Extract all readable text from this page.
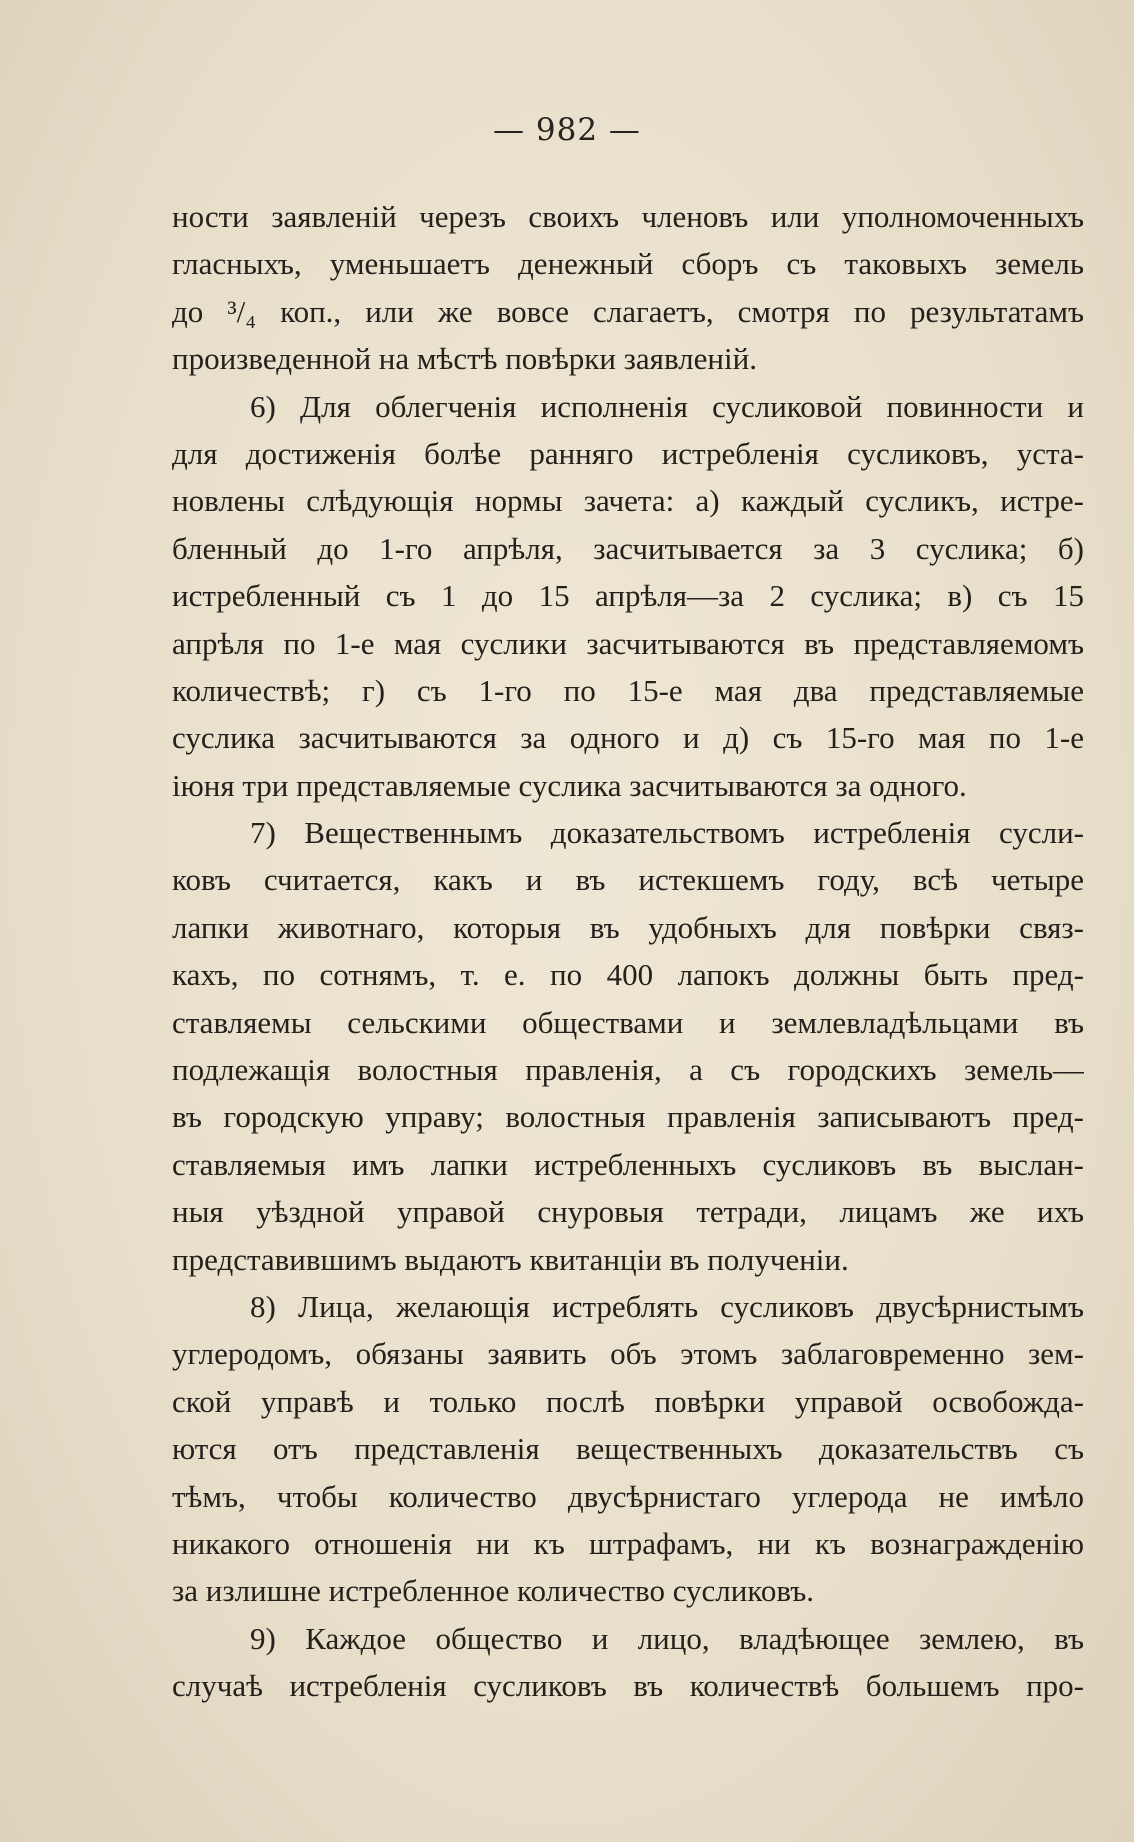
— 982 —
ности заявленій черезъ своихъ членовъ или уполномоченныхъ
гласныхъ, уменьшаетъ денежный сборъ съ таковыхъ земель
до ³/₄ коп., или же вовсе слагаетъ, смотря по результатамъ
произведенной на мѣстѣ повѣрки заявленій.
6) Для облегченія исполненія сусликовой повинности и
для достиженія болѣе ранняго истребленія сусликовъ, уста-
новлены слѣдующія нормы зачета: а) каждый сусликъ, истре-
бленный до 1-го апрѣля, засчитывается за 3 суслика; б)
истребленный съ 1 до 15 апрѣля—за 2 суслика; в) съ 15
апрѣля по 1-е мая суслики засчитываются въ представляемомъ
количествѣ; г) съ 1-го по 15-е мая два представляемые
суслика засчитываются за одного и д) съ 15-го мая по 1-е
іюня три представляемые суслика засчитываются за одного.
7) Вещественнымъ доказательствомъ истребленія сусли-
ковъ считается, какъ и въ истекшемъ году, всѣ четыре
лапки животнаго, которыя въ удобныхъ для повѣрки связ-
кахъ, по сотнямъ, т. е. по 400 лапокъ должны быть пред-
ставляемы сельскими обществами и землевладѣльцами въ
подлежащія волостныя правленія, а съ городскихъ земель—
въ городскую управу; волостныя правленія записываютъ пред-
ставляемыя имъ лапки истребленныхъ сусликовъ въ выслан-
ныя уѣздной управой снуровыя тетради, лицамъ же ихъ
представившимъ выдаютъ квитанціи въ полученіи.
8) Лица, желающія истреблять сусликовъ двусѣрнистымъ
углеродомъ, обязаны заявить объ этомъ заблаговременно зем-
ской управѣ и только послѣ повѣрки управой освобожда-
ются отъ представленія вещественныхъ доказательствъ съ
тѣмъ, чтобы количество двусѣрнистаго углерода не имѣло
никакого отношенія ни къ штрафамъ, ни къ вознагражденію
за излишне истребленное количество сусликовъ.
9) Каждое общество и лицо, владѣющее землею, въ
случаѣ истребленія сусликовъ въ количествѣ большемъ про-
